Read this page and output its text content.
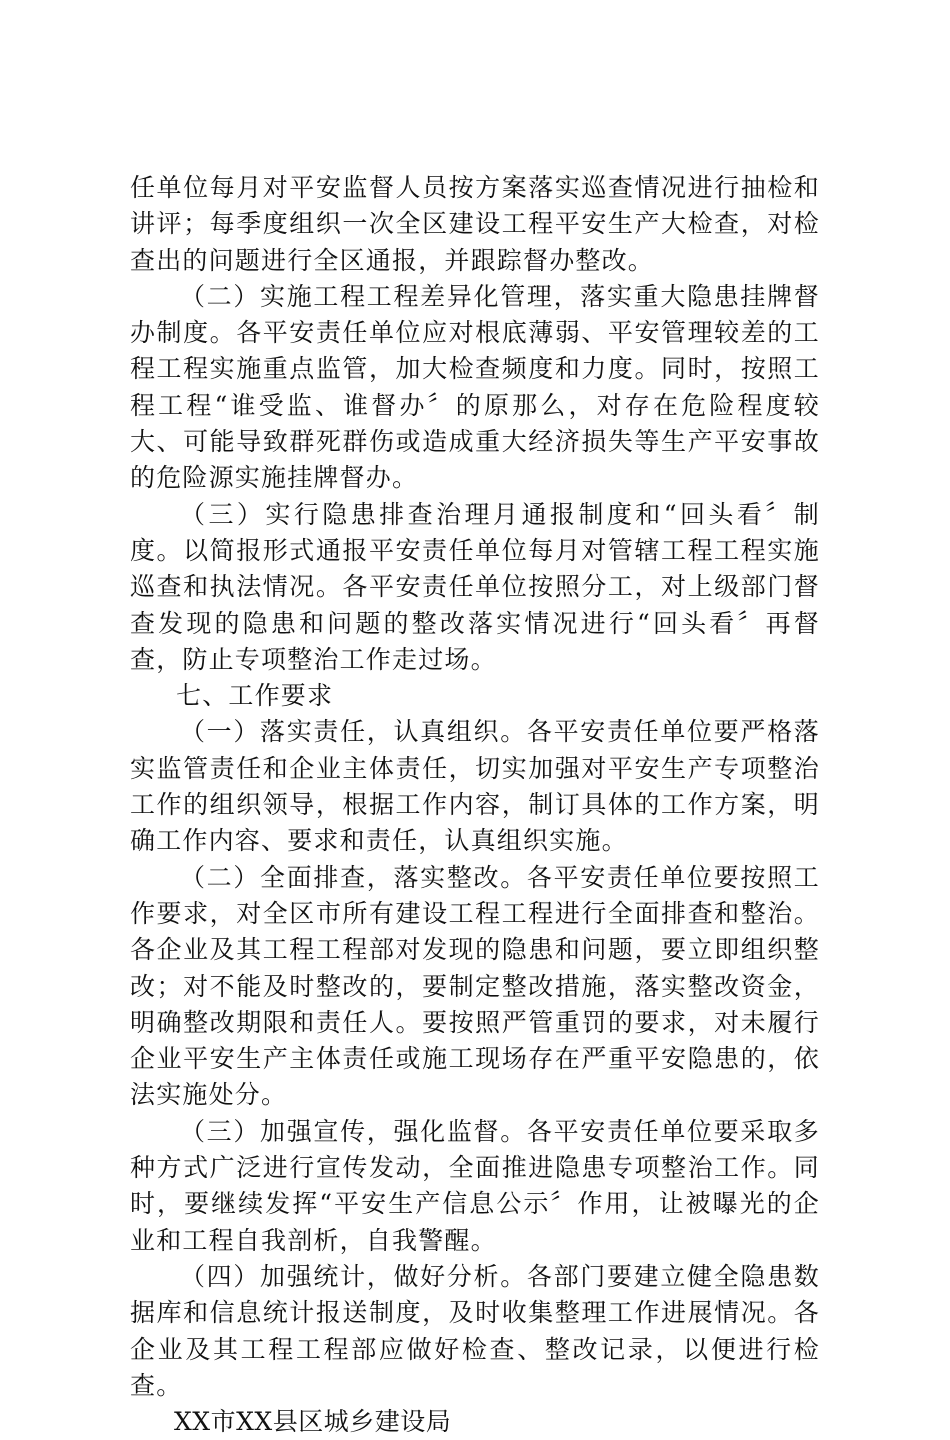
任单位每月对平安监督人员按方案落实巡查情况进行抽检和讲评；每季度组织一次全区建设工程平安生产大检查，对检查出的问题进行全区通报，并跟踪督办整改。

（二）实施工程工程差异化管理，落实重大隐患挂牌督办制度。各平安责任单位应对根底薄弱、平安管理较差的工程工程实施重点监管，加大检查频度和力度。同时，按照工程工程“谁受监、谁督办〞的原那么，对存在危险程度较大、可能导致群死群伤或造成重大经济损失等生产平安事故的危险源实施挂牌督办。

（三）实行隐患排查治理月通报制度和“回头看〞制度。以简报形式通报平安责任单位每月对管辖工程工程实施巡查和执法情况。各平安责任单位按照分工，对上级部门督查发现的隐患和问题的整改落实情况进行“回头看〞再督查，防止专项整治工作走过场。

七、工作要求

（一）落实责任，认真组织。各平安责任单位要严格落实监管责任和企业主体责任，切实加强对平安生产专项整治工作的组织领导，根据工作内容，制订具体的工作方案，明确工作内容、要求和责任，认真组织实施。

（二）全面排查，落实整改。各平安责任单位要按照工作要求，对全区市所有建设工程工程进行全面排查和整治。各企业及其工程工程部对发现的隐患和问题，要立即组织整改；对不能及时整改的，要制定整改措施，落实整改资金，明确整改期限和责任人。要按照严管重罚的要求，对未履行企业平安生产主体责任或施工现场存在严重平安隐患的，依法实施处分。

（三）加强宣传，强化监督。各平安责任单位要采取多种方式广泛进行宣传发动，全面推进隐患专项整治工作。同时，要继续发挥“平安生产信息公示〞作用，让被曝光的企业和工程自我剖析，自我警醒。

（四）加强统计，做好分析。各部门要建立健全隐患数据库和信息统计报送制度，及时收集整理工作进展情况。各企业及其工程工程部应做好检查、整改记录，以便进行检查。

XX市XX县区城乡建设局
